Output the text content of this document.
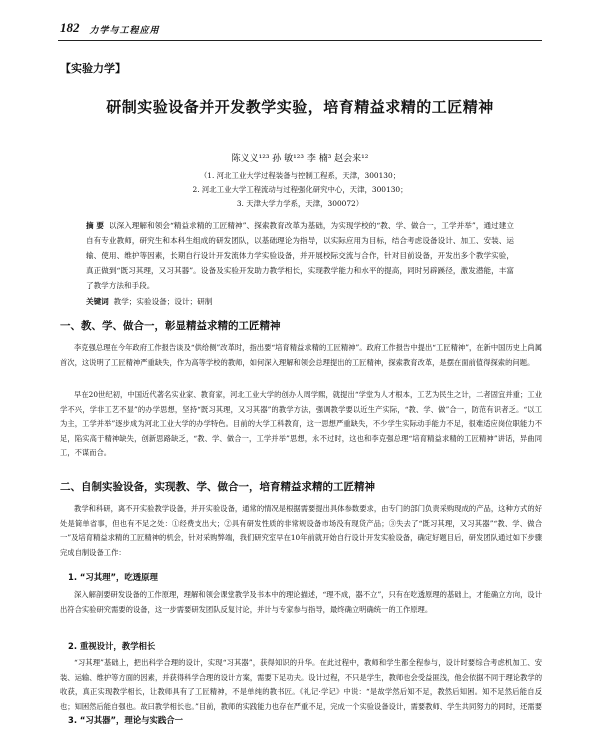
182 力学与工程应用
【实验力学】
研制实验设备并开发教学实验，培育精益求精的工匠精神
陈义义¹²³ 孙 敏¹²³ 李 楠³ 赵会来¹²
（1. 河北工业大学过程装备与控制工程系，天津，300130；
2. 河北工业大学工程流动与过程强化研究中心，天津，300130；
3. 天津大学力学系，天津，300072）
摘 要 以深入理解和领会“精益求精的工匠精神”、探索教育改革为基础，为实现学校的“教、学、做合一，工学并举”，通过建立自有专业教师，研究生和本科生组成的研发团队，以基础理论为指导，以实际应用为目标，结合考虑设备设计、加工、安装、运输、使用、维护等因素，长期自行设计开发流体力学实验设备，并开展校际交流与合作，针对目前设备，开发出多个教学实验，真正做到“既习其理，又习其器”。设备及实验开发助力教学相长，实现教学能力和水平的提高，同时另辟蹊径，激发潜能，丰富了教学方法和手段。
关键词 教学；实验设备；设计；研制
一、教、学、做合一，彰显精益求精的工匠精神
李克强总理在今年政府工作报告谈及“供给侧”改革时，指出要“培育精益求精的工匠精神”。政府工作报告中提出“工匠精神”，在新中国历史上尚属首次，这说明了工匠精神严重缺失，作为高等学校的教师，如何深入理解和领会总理提出的工匠精神，探索教育改革，是摆在面前值得探索的问题。
早在20世纪初，中国近代著名实业家、教育家，河北工业大学的创办人周学熙，就提出“学堂为人才根本，工艺为民生之计，二者固宜并重；工业学不兴，学非工艺不显”的办学思想，坚持“既习其理，又习其器”的教学方法，强调教学要以近生产实际，“教、学、做”合一，防范有识者乏。“以工为主，工学并举”逐步成为河北工业大学的办学特色。目前的大学工科教育，这一思想严重缺失，不少学生实际动手能力不足，很难适应岗位职能力不足，陷实高于精神缺失，创新思路缺乏，“教、学、做合一，工学并举”思想，永不过时，这也和李克强总理“培育精益求精的工匠精神”讲话，异曲同工，不谋而合。
二、自制实验设备，实现教、学、做合一，培育精益求精的工匠精神
教学和科研，离不开实验教学设备，并开实验设备，通常的情况是根据需要提出具体参数要求，由专门的部门负责采购现成的产品，这种方式的好处是简单省事，但也有不足之处：①经费支出大；②具有研发性质的非常规设备市场没有现货产品；③失去了“既习其理，又习其器”“教、学、做合一”及培育精益求精的工匠精神的机会，针对采购弊端，我们研究室早在10年前就开始自行设计开发实验设备，确定好题目后，研发团队通过如下步骤完成自制设备工作：
1. “习其理”，吃透原理
深入解剖要研发设备的工作原理，理解和领会课堂教学及书本中的理论描述，“理不成，器不立”，只有在吃透原理的基础上，才能确立方向，设计出符合实验研究需要的设备，这一步需要研发团队反复讨论，并计与专家参与指导，最终确立明确统一的工作原理。
2. 重视设计，教学相长
“习其理”基础上，把出科学合理的设计，实现“习其器”，获得知识的升华。在此过程中，教师和学生都全程参与，设计时要综合考虑机加工、安装、运输、维护等方面的因素，并获得科学合理的设计方案，需要下足功夫。设计过程，不只是学生，教师也会受益匪浅，他会依据不同于理论教学的收获，真正实现教学相长，让教师具有了工匠精神，不是单纯的教书匠。《礼记·学记》中说：“是故学然后知不足，教然后知困。知不足然后能自反也；知困然后能自强也。故曰教学相长也。”目前，教师的实践能力也存在严重不足，完成一个实验设备设计，需要教师、学生共同努力的同时，还需要
3. “习其器”，理论与实践合一
